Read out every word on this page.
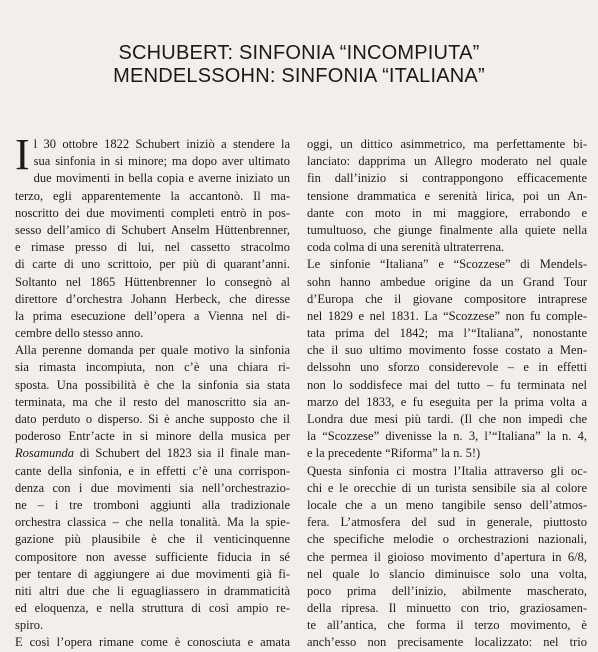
SCHUBERT: SINFONIA “INCOMPIUTA”
MENDELSSOHN: SINFONIA “ITALIANA”
I l 30 ottobre 1822 Schubert iniziò a stendere la
sua sinfonia in si minore; ma dopo aver ultimato
due movimenti in bella copia e averne iniziato un
terzo, egli apparentemente la accantonò. Il ma-
noscritto dei due movimenti completi entrò in pos-
sesso dell’amico di Schubert Anselm Hüttenbrenner,
e rimase presso di lui, nel cassetto stracolmo
di carte di uno scrittoio, per più di quarant’anni.
Soltanto nel 1865 Hüttenbrenner lo consegnò al
direttore d’orchestra Johann Herbeck, che diresse
la prima esecuzione dell’opera a Vienna nel di-
cembre dello stesso anno.
Alla perenne domanda per quale motivo la sinfonia
sia rimasta incompiuta, non c’è una chiara ri-
sposta. Una possibilità è che la sinfonia sia stata
terminata, ma che il resto del manoscritto sia an-
dato perduto o disperso. Si è anche supposto che il
poderoso Entr’acte in si minore della musica per
Rosamunda di Schubert del 1823 sia il finale man-
cante della sinfonia, e in effetti c’è una corrispon-
denza con i due movimenti sia nell’orchestrazio-
ne – i tre tromboni aggiunti alla tradizionale
orchestra classica – che nella tonalità. Ma la spie-
gazione più plausibile è che il venticinquenne
compositore non avesse sufficiente fiducia in sé
per tentare di aggiungere ai due movimenti già fi-
niti altri due che li eguagliassero in drammaticità
ed eloquenza, e nella struttura di così ampio re-
spiro.
E così l’opera rimane come è conosciuta e amata
oggi, un dittico asimmetrico, ma perfettamente bi-
lanciato: dapprima un Allegro moderato nel quale
fin dall’inizio si contrappongono efficacemente
tensione drammatica e serenità lirica, poi un An-
dante con moto in mi maggiore, errabondo e
tumultuoso, che giunge finalmente alla quiete nella
coda colma di una serenità ultraterrena.
Le sinfonie “Italiana” e “Scozzese” di Mendels-
sohn hanno ambedue origine da un Grand Tour
d’Europa che il giovane compositore intraprese
nel 1829 e nel 1831. La “Scozzese” non fu comple-
tata prima del 1842; ma l’“Italiana”, nonostante
che il suo ultimo movimento fosse costato a Men-
delssohn uno sforzo considerevole – e in effetti
non lo soddisfece mai del tutto – fu terminata nel
marzo del 1833, e fu eseguita per la prima volta a
Londra due mesi più tardi. (Il che non impedì che
la “Scozzese” divenisse la n. 3, l’“Italiana” la n. 4,
e la precedente “Riforma” la n. 5!)
Questa sinfonia ci mostra l’Italia attraverso gli oc-
chi e le orecchie di un turista sensibile sia al colore
locale che a un meno tangibile senso dell’atmos-
fera. L’atmosfera del sud in generale, piuttosto
che specifiche melodie o orchestrazioni nazionali,
che permea il gioioso movimento d’apertura in 6/8,
nel quale lo slancio diminuisce solo una volta,
poco prima dell’inizio, abilmente mascherato,
della ripresa. Il minuetto con trio, graziosamen-
te all’antica, che forma il terzo movimento, è
anch’esso non precisamente localizzato: nel trio
